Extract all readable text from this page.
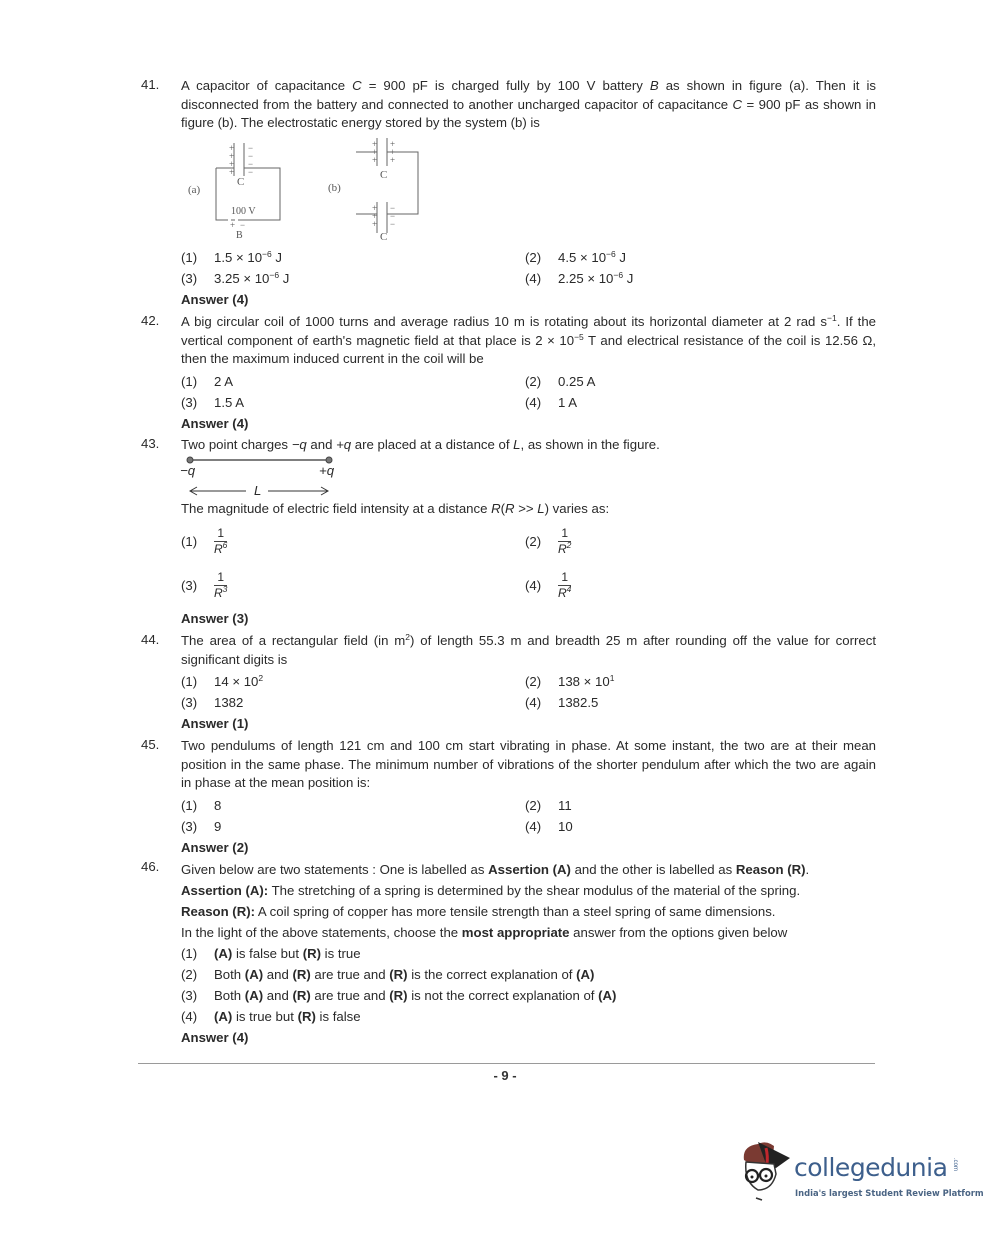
41.	A capacitor of capacitance C = 900 pF is charged fully by 100 V battery B as shown in figure (a). Then it is disconnected from the battery and connected to another uncharged capacitor of capacitance C = 900 pF as shown in figure (b). The electrostatic energy stored by the system (b) is
+
+
+
+
−
−
−
−
C
(a)
100 V
+ −
B
(b)
+
+
+
+
+
+
C
+
+
+
−
−
−
C
(1)	$1.5 \times 10^{-6}$ J	(2)	$4.5 \times 10^{-6}$ J
(3)	$3.25 \times 10^{-6}$ J	(4)	$2.25 \times 10^{-6}$ J
Answer (4)
42.	A big circular coil of 1000 turns and average radius 10 m is rotating about its horizontal diameter at 2 rad $s^{-1}$. If the vertical component of earth's magnetic field at that place is $2 \times 10^{-5}$ T and electrical resistance of the coil is 12.56 Ω, then the maximum induced current in the coil will be
(1)	2 A	(2)	0.25 A
(3)	1.5 A	(4)	1 A
Answer (4)
43.	Two point charges −q and +q are placed at a distance of L, as shown in the figure.
−q	+q
L
The magnitude of electric field intensity at a distance R(R >> L) varies as:
(1)	$\frac{1}{R^6}$	(2)	$\frac{1}{R^2}$
(3)	$\frac{1}{R^3}$	(4)	$\frac{1}{R^4}$
Answer (3)
44.	The area of a rectangular field (in $m^2$) of length 55.3 m and breadth 25 m after rounding off the value for correct significant digits is
(1)	$14 \times 10^2$	(2)	$138 \times 10^1$
(3)	1382	(4)	1382.5
Answer (1)
45.	Two pendulums of length 121 cm and 100 cm start vibrating in phase. At some instant, the two are at their mean position in the same phase. The minimum number of vibrations of the shorter pendulum after which the two are again in phase at the mean position is:
(1)	8	(2)	11
(3)	9	(4)	10
Answer (2)
46.	Given below are two statements : One is labelled as Assertion (A) and the other is labelled as Reason (R).
Assertion (A): The stretching of a spring is determined by the shear modulus of the material of the spring.
Reason (R): A coil spring of copper has more tensile strength than a steel spring of same dimensions.
In the light of the above statements, choose the most appropriate answer from the options given below
(1)	(A) is false but (R) is true
(2)	Both (A) and (R) are true and (R) is the correct explanation of (A)
(3)	Both (A) and (R) are true and (R) is not the correct explanation of (A)
(4)	(A) is true but (R) is false
Answer (4)
- 9 -
collegedunia .com
India's largest Student Review Platform
